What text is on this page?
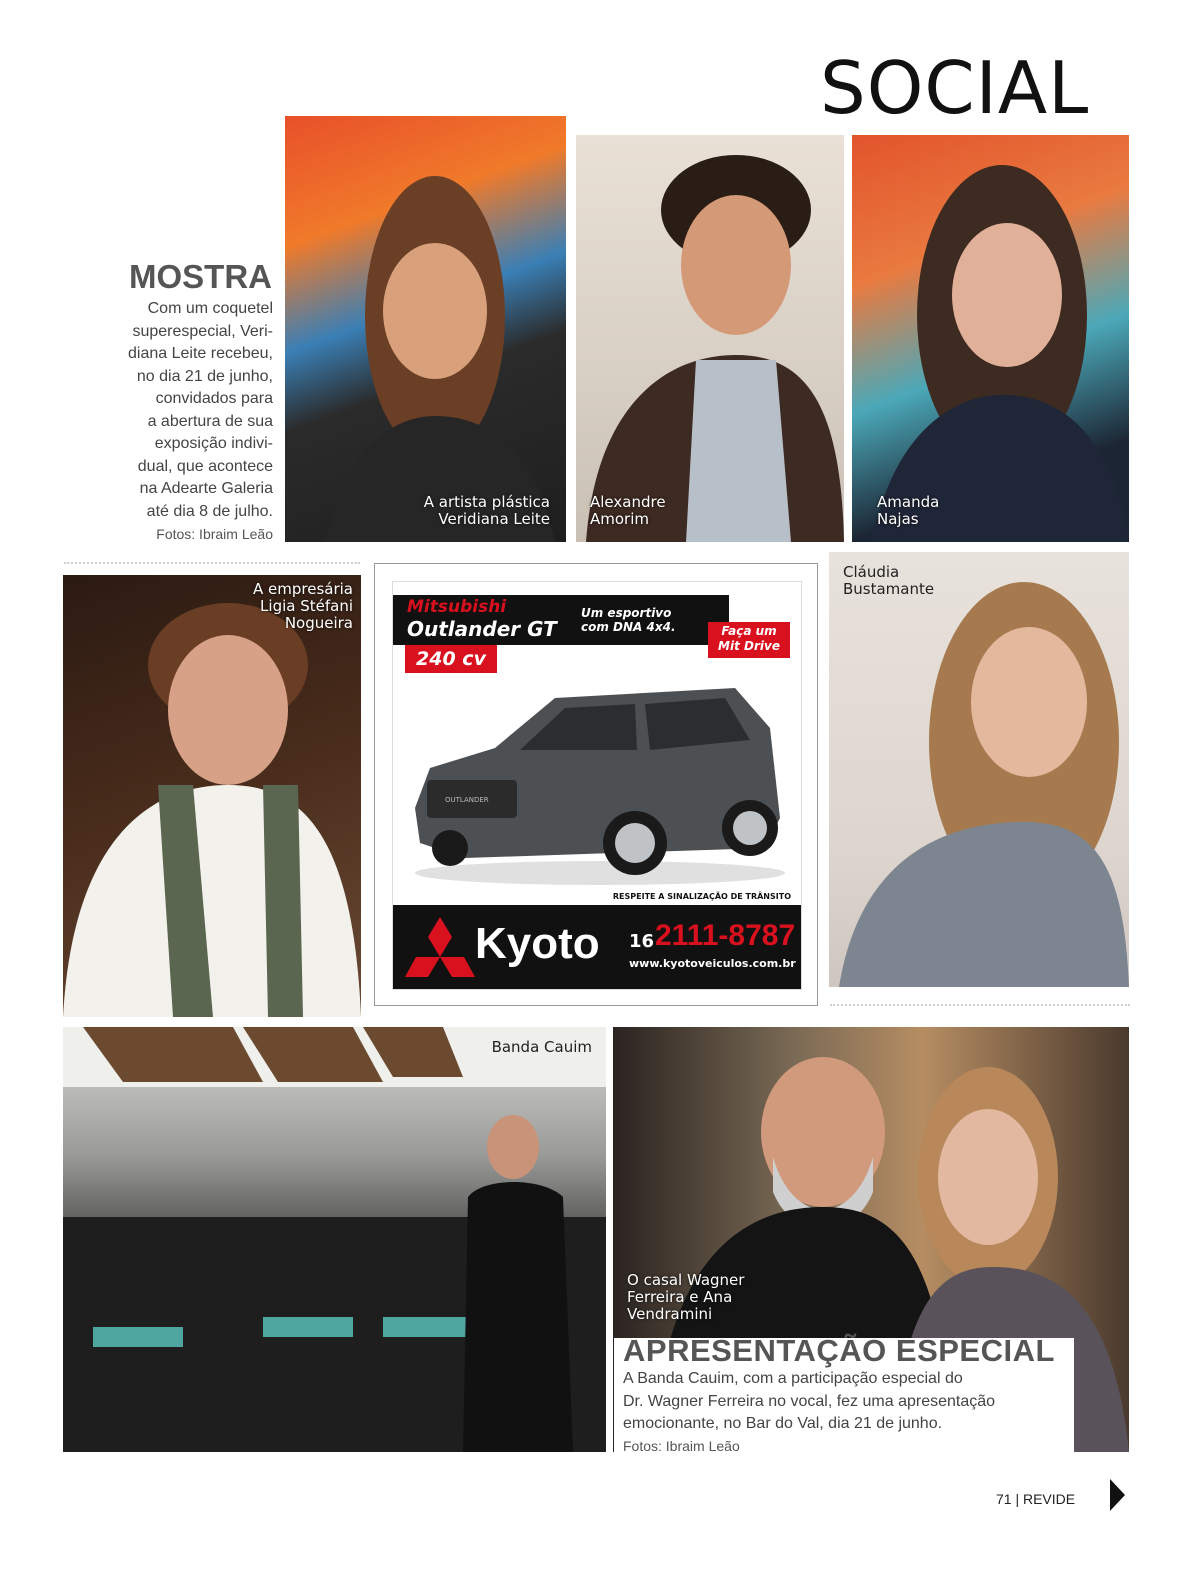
SOCIAL
MOSTRA
Com um coquetel
superespecial, Veri-
diana Leite recebeu,
no dia 21 de junho,
convidados para
a abertura de sua
exposição indivi-
dual, que acontece
na Adearte Galeria
até dia 8 de julho.
Fotos: Ibraim Leão
A artista plástica
Veridiana Leite
Alexandre
Amorim
Amanda
Najas
A empresária
Ligia Stéfani
Nogueira
Mitsubishi
Outlander GT
Um esportivo
com DNA 4x4.
240 cv
Faça um
Mit Drive
OUTLANDER
RESPEITE A SINALIZAÇÃO DE TRÂNSITO
Kyoto 16 2111-8787
www.kyotoveiculos.com.br
Cláudia
Bustamante
Banda Cauim
O casal Wagner
Ferreira e Ana
Vendramini
APRESENTAÇÃO ESPECIAL
A Banda Cauim, com a participação especial do
Dr. Wagner Ferreira no vocal, fez uma apresentação
emocionante, no Bar do Val, dia 21 de junho.
Fotos: Ibraim Leão
71 | REVIDE
